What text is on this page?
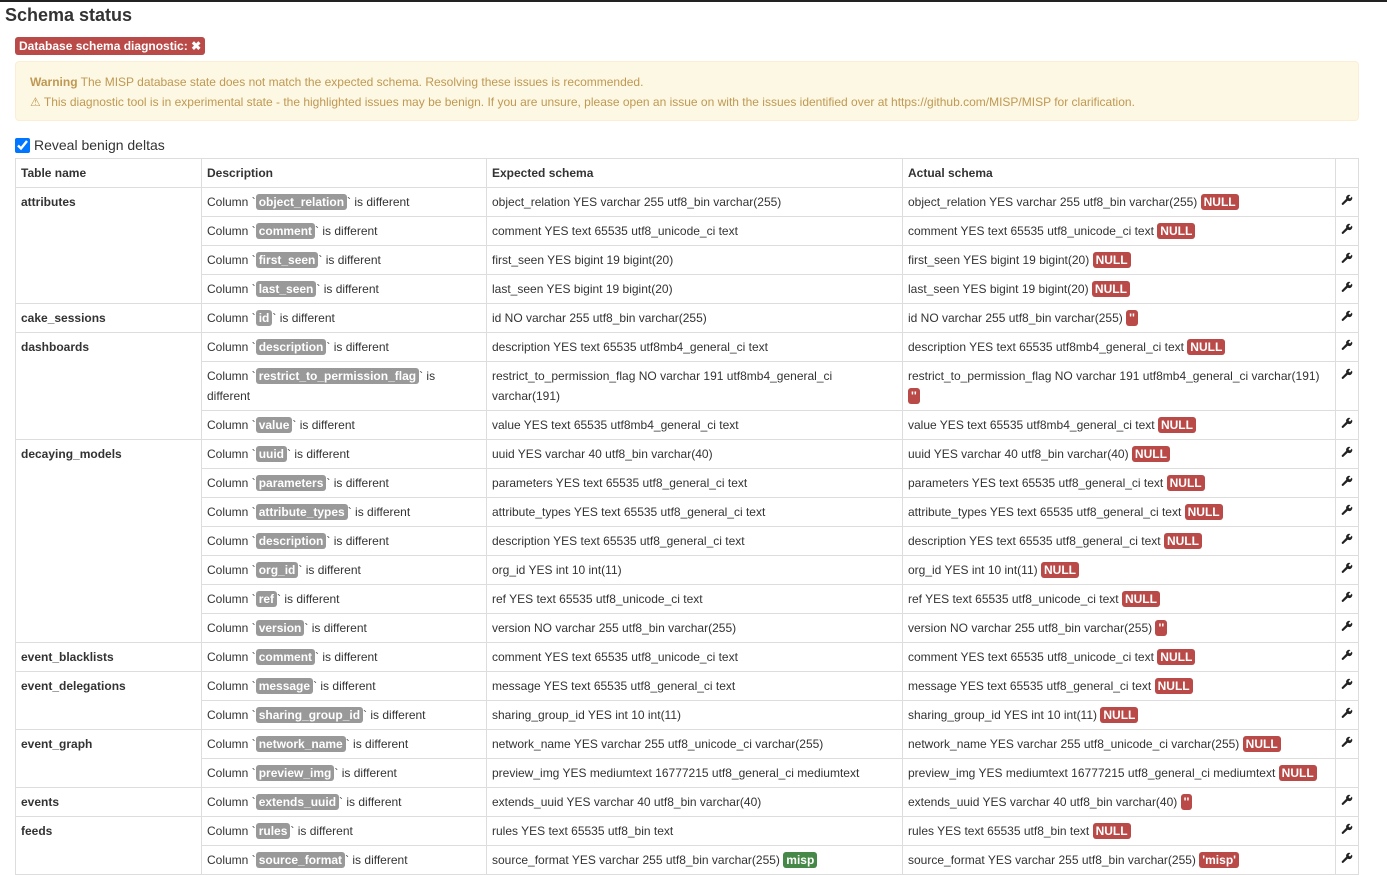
Schema status
Database schema diagnostic: ✖
Warning The MISP database state does not match the expected schema. Resolving these issues is recommended.
⚠ This diagnostic tool is in experimental state - the highlighted issues may be benign. If you are unsure, please open an issue on with the issues identified over at https://github.com/MISP/MISP for clarification.
Reveal benign deltas
Table name	Description	Expected schema	Actual schema	
attributes	Column ` object_relation ` is different	object_relation YES varchar 255 utf8_bin varchar(255)	object_relation YES varchar 255 utf8_bin varchar(255) NULL	
	Column ` comment ` is different	comment YES text 65535 utf8_unicode_ci text	comment YES text 65535 utf8_unicode_ci text NULL	
	Column ` first_seen ` is different	first_seen YES bigint 19 bigint(20)	first_seen YES bigint 19 bigint(20) NULL	
	Column ` last_seen ` is different	last_seen YES bigint 19 bigint(20)	last_seen YES bigint 19 bigint(20) NULL	
cake_sessions	Column ` id ` is different	id NO varchar 255 utf8_bin varchar(255)	id NO varchar 255 utf8_bin varchar(255) ''	
dashboards	Column ` description ` is different	description YES text 65535 utf8mb4_general_ci text	description YES text 65535 utf8mb4_general_ci text NULL	
	Column ` restrict_to_permission_flag ` is different	restrict_to_permission_flag NO varchar 191 utf8mb4_general_ci varchar(191)	restrict_to_permission_flag NO varchar 191 utf8mb4_general_ci varchar(191) ''	
	Column ` value ` is different	value YES text 65535 utf8mb4_general_ci text	value YES text 65535 utf8mb4_general_ci text NULL	
decaying_models	Column ` uuid ` is different	uuid YES varchar 40 utf8_bin varchar(40)	uuid YES varchar 40 utf8_bin varchar(40) NULL	
	Column ` parameters ` is different	parameters YES text 65535 utf8_general_ci text	parameters YES text 65535 utf8_general_ci text NULL	
	Column ` attribute_types ` is different	attribute_types YES text 65535 utf8_general_ci text	attribute_types YES text 65535 utf8_general_ci text NULL	
	Column ` description ` is different	description YES text 65535 utf8_general_ci text	description YES text 65535 utf8_general_ci text NULL	
	Column ` org_id ` is different	org_id YES int 10 int(11)	org_id YES int 10 int(11) NULL	
	Column ` ref ` is different	ref YES text 65535 utf8_unicode_ci text	ref YES text 65535 utf8_unicode_ci text NULL	
	Column ` version ` is different	version NO varchar 255 utf8_bin varchar(255)	version NO varchar 255 utf8_bin varchar(255) ''	
event_blacklists	Column ` comment ` is different	comment YES text 65535 utf8_unicode_ci text	comment YES text 65535 utf8_unicode_ci text NULL	
event_delegations	Column ` message ` is different	message YES text 65535 utf8_general_ci text	message YES text 65535 utf8_general_ci text NULL	
	Column ` sharing_group_id ` is different	sharing_group_id YES int 10 int(11)	sharing_group_id YES int 10 int(11) NULL	
event_graph	Column ` network_name ` is different	network_name YES varchar 255 utf8_unicode_ci varchar(255)	network_name YES varchar 255 utf8_unicode_ci varchar(255) NULL	
	Column ` preview_img ` is different	preview_img YES mediumtext 16777215 utf8_general_ci mediumtext	preview_img YES mediumtext 16777215 utf8_general_ci mediumtext NULL	
events	Column ` extends_uuid ` is different	extends_uuid YES varchar 40 utf8_bin varchar(40)	extends_uuid YES varchar 40 utf8_bin varchar(40) ''	
feeds	Column ` rules ` is different	rules YES text 65535 utf8_bin text	rules YES text 65535 utf8_bin text NULL	
	Column ` source_format ` is different	source_format YES varchar 255 utf8_bin varchar(255) misp	source_format YES varchar 255 utf8_bin varchar(255) 'misp'	
